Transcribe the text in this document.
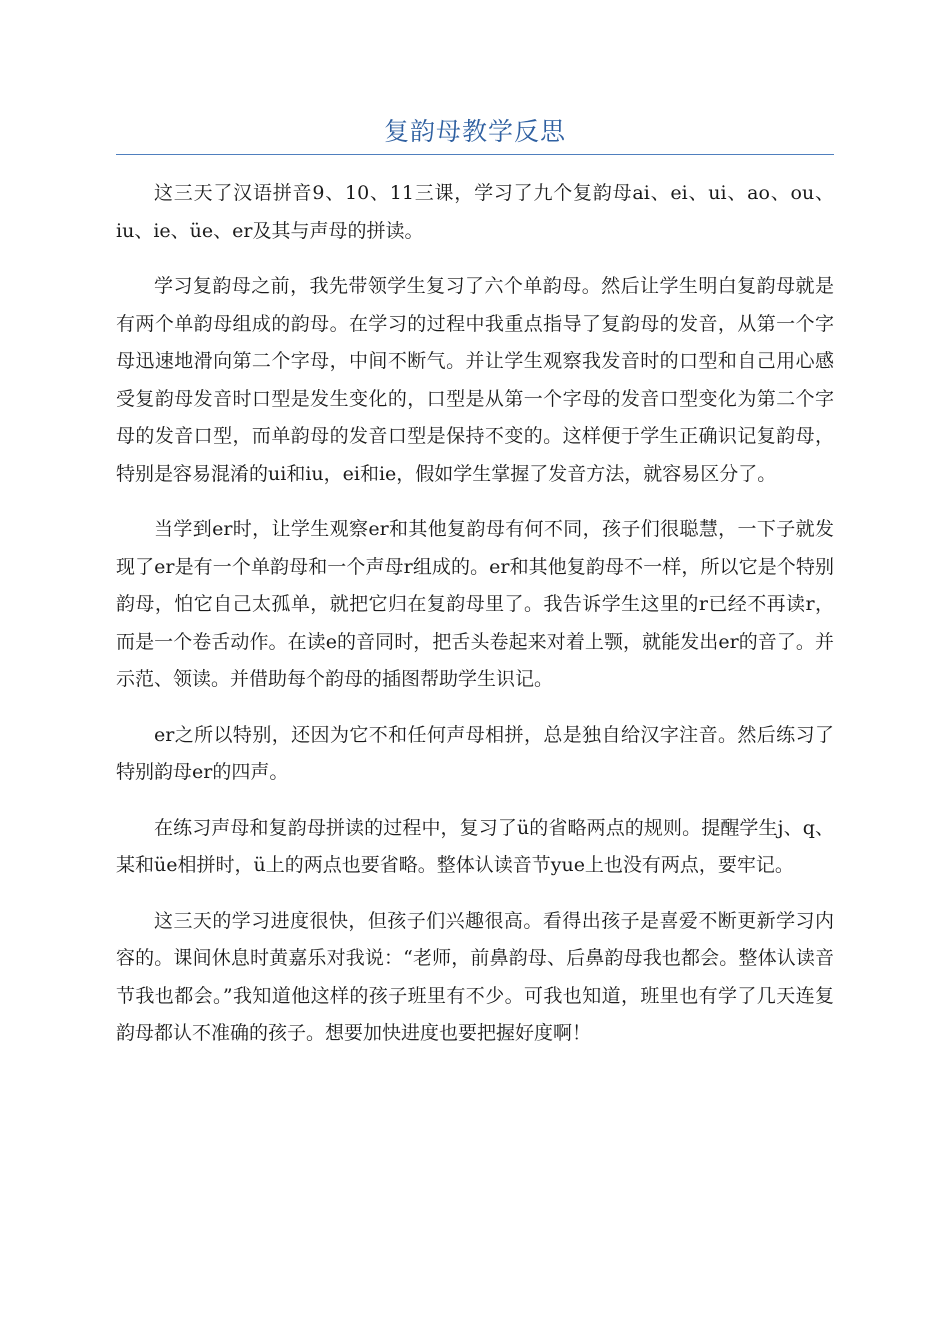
复韵母教学反思

这三天了汉语拼音9、10、11三课，学习了九个复韵母ai、ei、ui、ao、ou、iu、ie、üe、er及其与声母的拼读。

学习复韵母之前，我先带领学生复习了六个单韵母。然后让学生明白复韵母就是有两个单韵母组成的韵母。在学习的过程中我重点指导了复韵母的发音，从第一个字母迅速地滑向第二个字母，中间不断气。并让学生观察我发音时的口型和自己用心感受复韵母发音时口型是发生变化的，口型是从第一个字母的发音口型变化为第二个字母的发音口型，而单韵母的发音口型是保持不变的。这样便于学生正确识记复韵母，特别是容易混淆的ui和iu，ei和ie，假如学生掌握了发音方法，就容易区分了。

当学到er时，让学生观察er和其他复韵母有何不同，孩子们很聪慧，一下子就发现了er是有一个单韵母和一个声母r组成的。er和其他复韵母不一样，所以它是个特别韵母，怕它自己太孤单，就把它归在复韵母里了。我告诉学生这里的r已经不再读r，而是一个卷舌动作。在读e的音同时，把舌头卷起来对着上颚，就能发出er的音了。并示范、领读。并借助每个韵母的插图帮助学生识记。

er之所以特别，还因为它不和任何声母相拼，总是独自给汉字注音。然后练习了特别韵母er的四声。

在练习声母和复韵母拼读的过程中，复习了ü的省略两点的规则。提醒学生j、q、某和üe相拼时，ü上的两点也要省略。整体认读音节yue上也没有两点，要牢记。

这三天的学习进度很快，但孩子们兴趣很高。看得出孩子是喜爱不断更新学习内容的。课间休息时黄嘉乐对我说：“老师，前鼻韵母、后鼻韵母我也都会。整体认读音节我也都会。”我知道他这样的孩子班里有不少。可我也知道，班里也有学了几天连复韵母都认不准确的孩子。想要加快进度也要把握好度啊！
